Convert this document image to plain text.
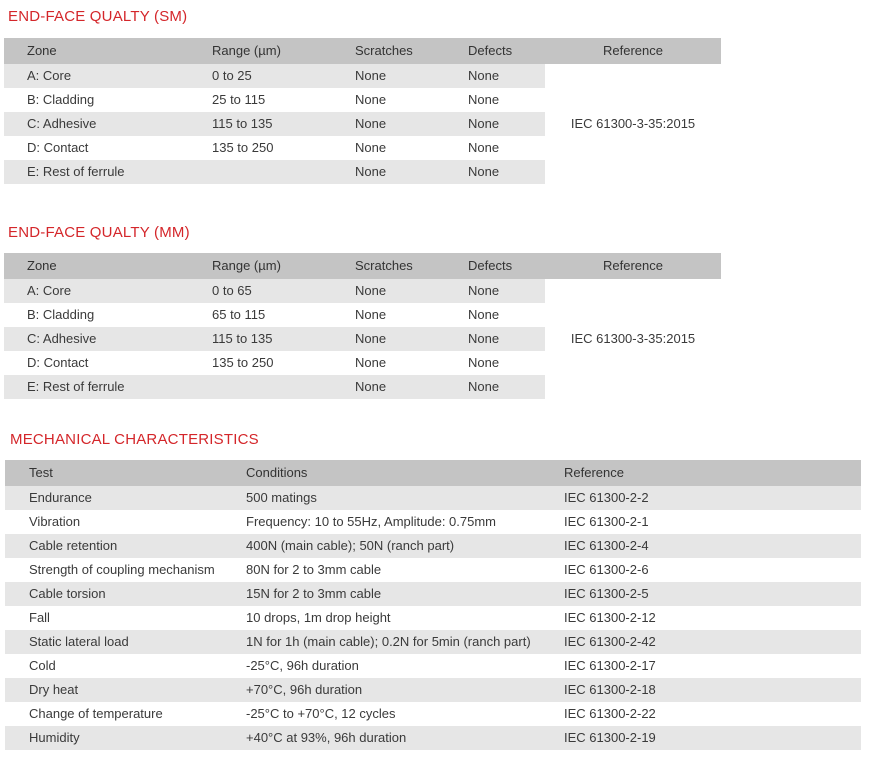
END-FACE QUALTY (SM)
Zone	Range (µm)	Scratches	Defects	Reference
A: Core	0 to 25	None	None	IEC 61300-3-35:2015
B: Cladding	25 to 115	None	None	
C: Adhesive	115 to 135	None	None	
D: Contact	135 to 250	None	None	
E: Rest of ferrule		None	None	
END-FACE QUALTY (MM)
Zone	Range (µm)	Scratches	Defects	Reference
A: Core	0 to 65	None	None	IEC 61300-3-35:2015
B: Cladding	65 to 115	None	None	
C: Adhesive	115 to 135	None	None	
D: Contact	135 to 250	None	None	
E: Rest of ferrule		None	None	
MECHANICAL CHARACTERISTICS
Test	Conditions	Reference
Endurance	500 matings	IEC 61300-2-2
Vibration	Frequency: 10 to 55Hz, Amplitude: 0.75mm	IEC 61300-2-1
Cable retention	400N (main cable); 50N (ranch part)	IEC 61300-2-4
Strength of coupling mechanism	80N for 2 to 3mm cable	IEC 61300-2-6
Cable torsion	15N for 2 to 3mm cable	IEC 61300-2-5
Fall	10 drops, 1m drop height	IEC 61300-2-12
Static lateral load	1N for 1h (main cable); 0.2N for 5min (ranch part)	IEC 61300-2-42
Cold	-25°C, 96h duration	IEC 61300-2-17
Dry heat	+70°C, 96h duration	IEC 61300-2-18
Change of temperature	-25°C to +70°C, 12 cycles	IEC 61300-2-22
Humidity	+40°C at 93%, 96h duration	IEC 61300-2-19
